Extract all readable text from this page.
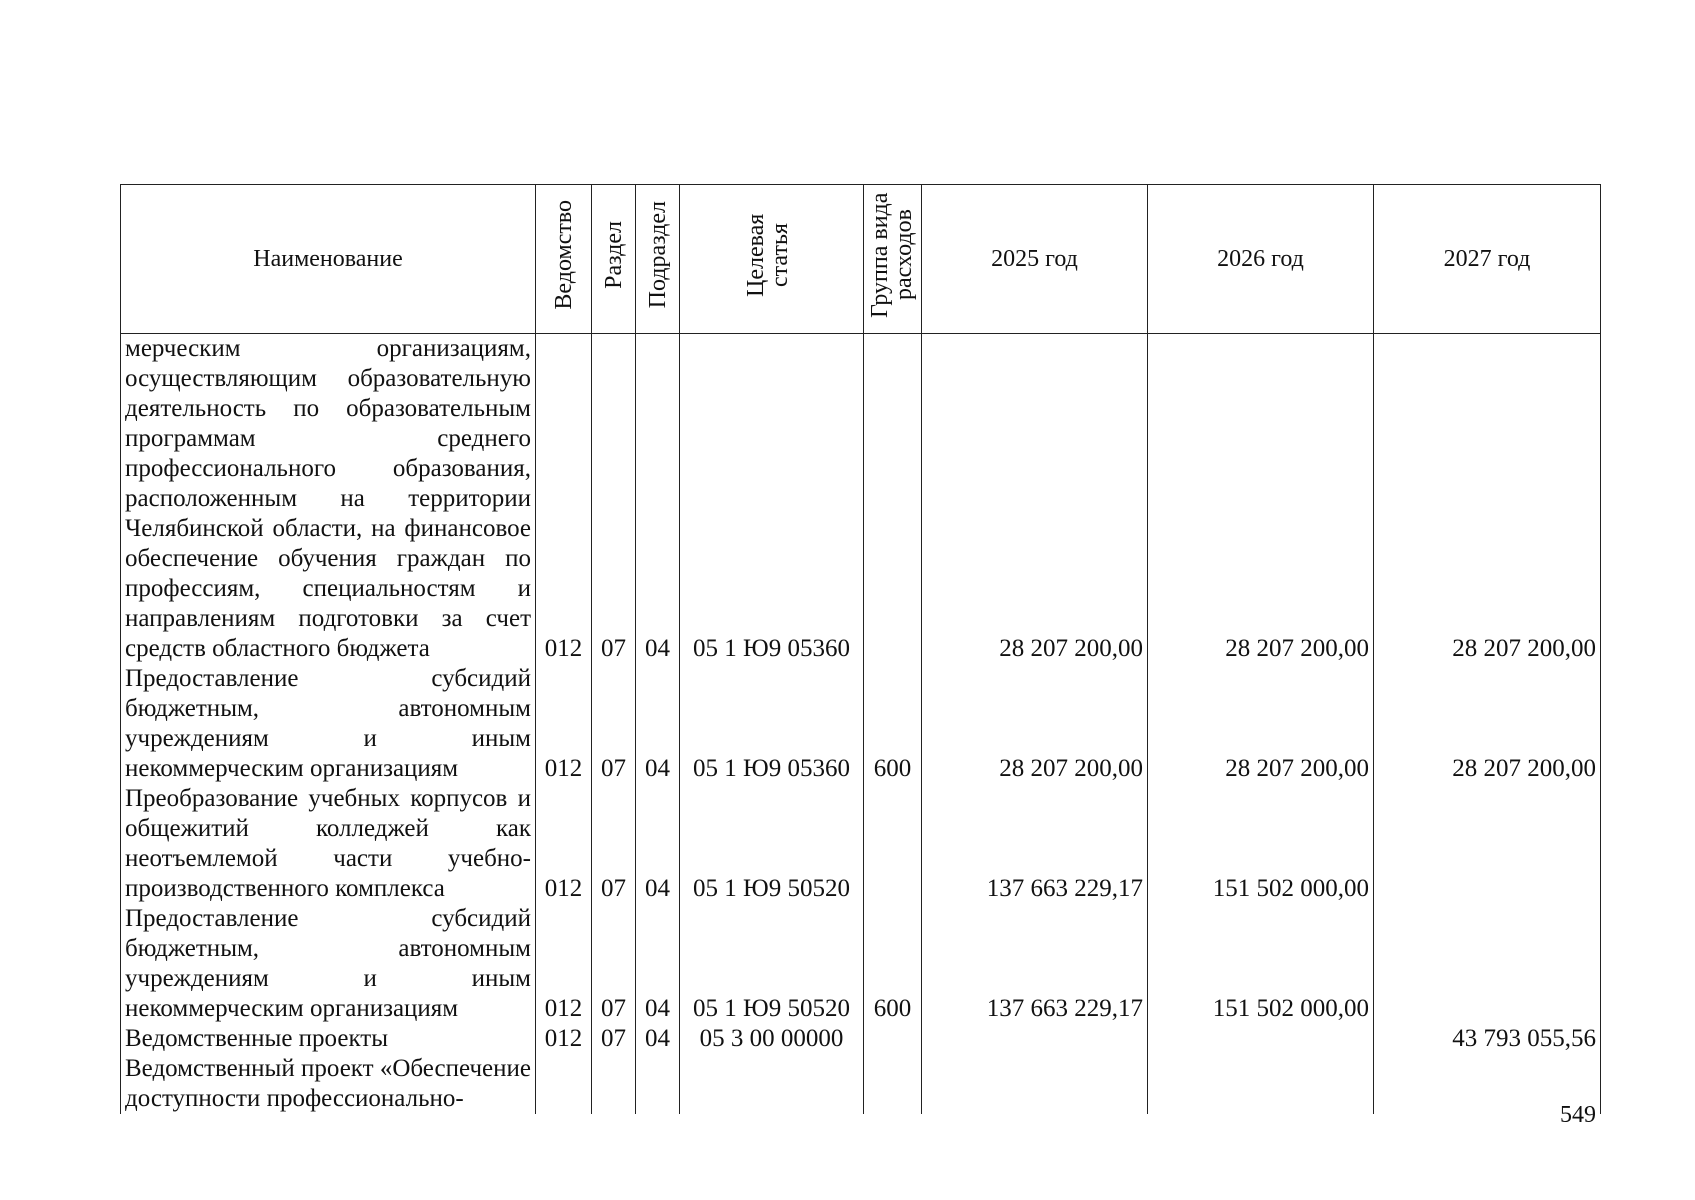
Наименование	Ведомство	Раздел	Подраздел	Целевая статья	Группа вида расходов	2025 год	2026 год	2027 год
мерческим организациям, осуществляющим образовательную деятельность по образовательным программам среднего профессионального образования, расположенным на территории Челябинской области, на финансовое обеспечение обучения граждан по профессиям, специальностям и направлениям подготовки за счет средств областного бюджета	012	07	04	05 1 Ю9 05360		28 207 200,00	28 207 200,00	28 207 200,00
Предоставление субсидий бюджетным, автономным учреждениям и иным некоммерческим организациям	012	07	04	05 1 Ю9 05360	600	28 207 200,00	28 207 200,00	28 207 200,00
Преобразование учебных корпусов и общежитий колледжей как неотъемлемой части учебно-производственного комплекса	012	07	04	05 1 Ю9 50520		137 663 229,17	151 502 000,00	
Предоставление субсидий бюджетным, автономным учреждениям и иным некоммерческим организациям	012	07	04	05 1 Ю9 50520	600	137 663 229,17	151 502 000,00	
Ведомственные проекты	012	07	04	05 3 00 00000				43 793 055,56
Ведомственный проект «Обеспечение доступности профессионально-								
549
